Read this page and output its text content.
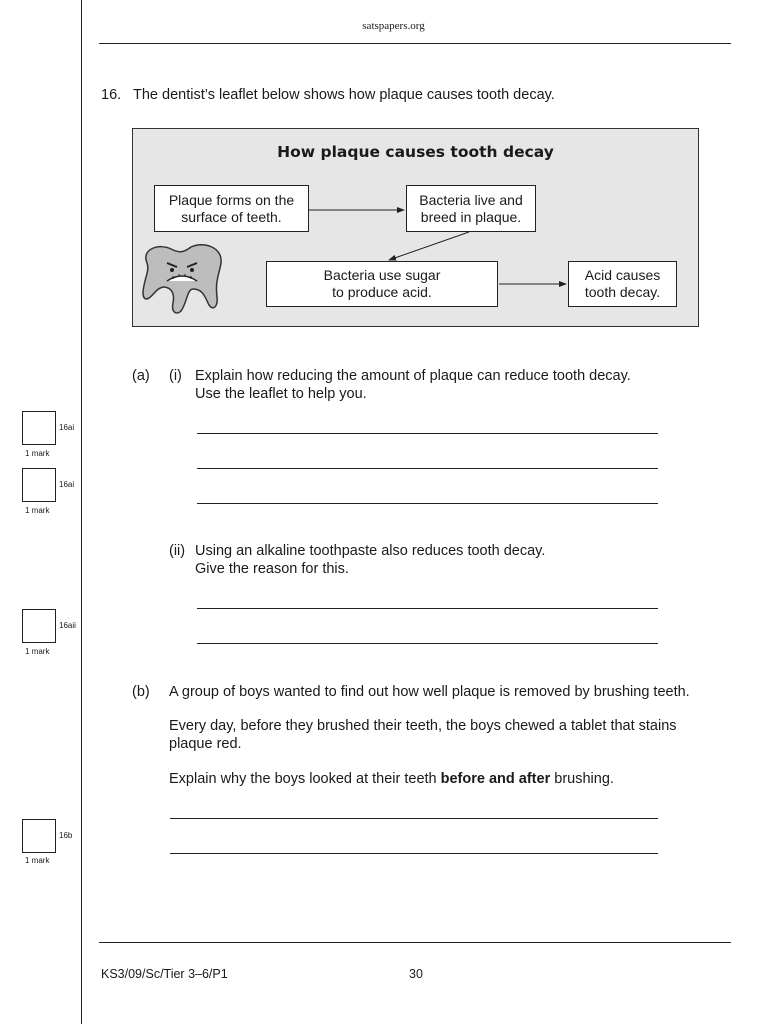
satspapers.org
16. The dentist’s leaflet below shows how plaque causes tooth decay.
How plaque causes tooth decay
Plaque forms on the
surface of teeth.
Bacteria live and
breed in plaque.
Bacteria use sugar
to produce acid.
Acid causes
tooth decay.
(a) (i) Explain how reducing the amount of plaque can reduce tooth decay.
Use the leaflet to help you.
(ii) Using an alkaline toothpaste also reduces tooth decay.
Give the reason for this.
(b) A group of boys wanted to find out how well plaque is removed by brushing teeth.
Every day, before they brushed their teeth, the boys chewed a tablet that stains
plaque red.
Explain why the boys looked at their teeth before and after brushing.
16ai
1 mark
16ai
1 mark
16aii
1 mark
16b
1 mark
KS3/09/Sc/Tier 3–6/P1	30
